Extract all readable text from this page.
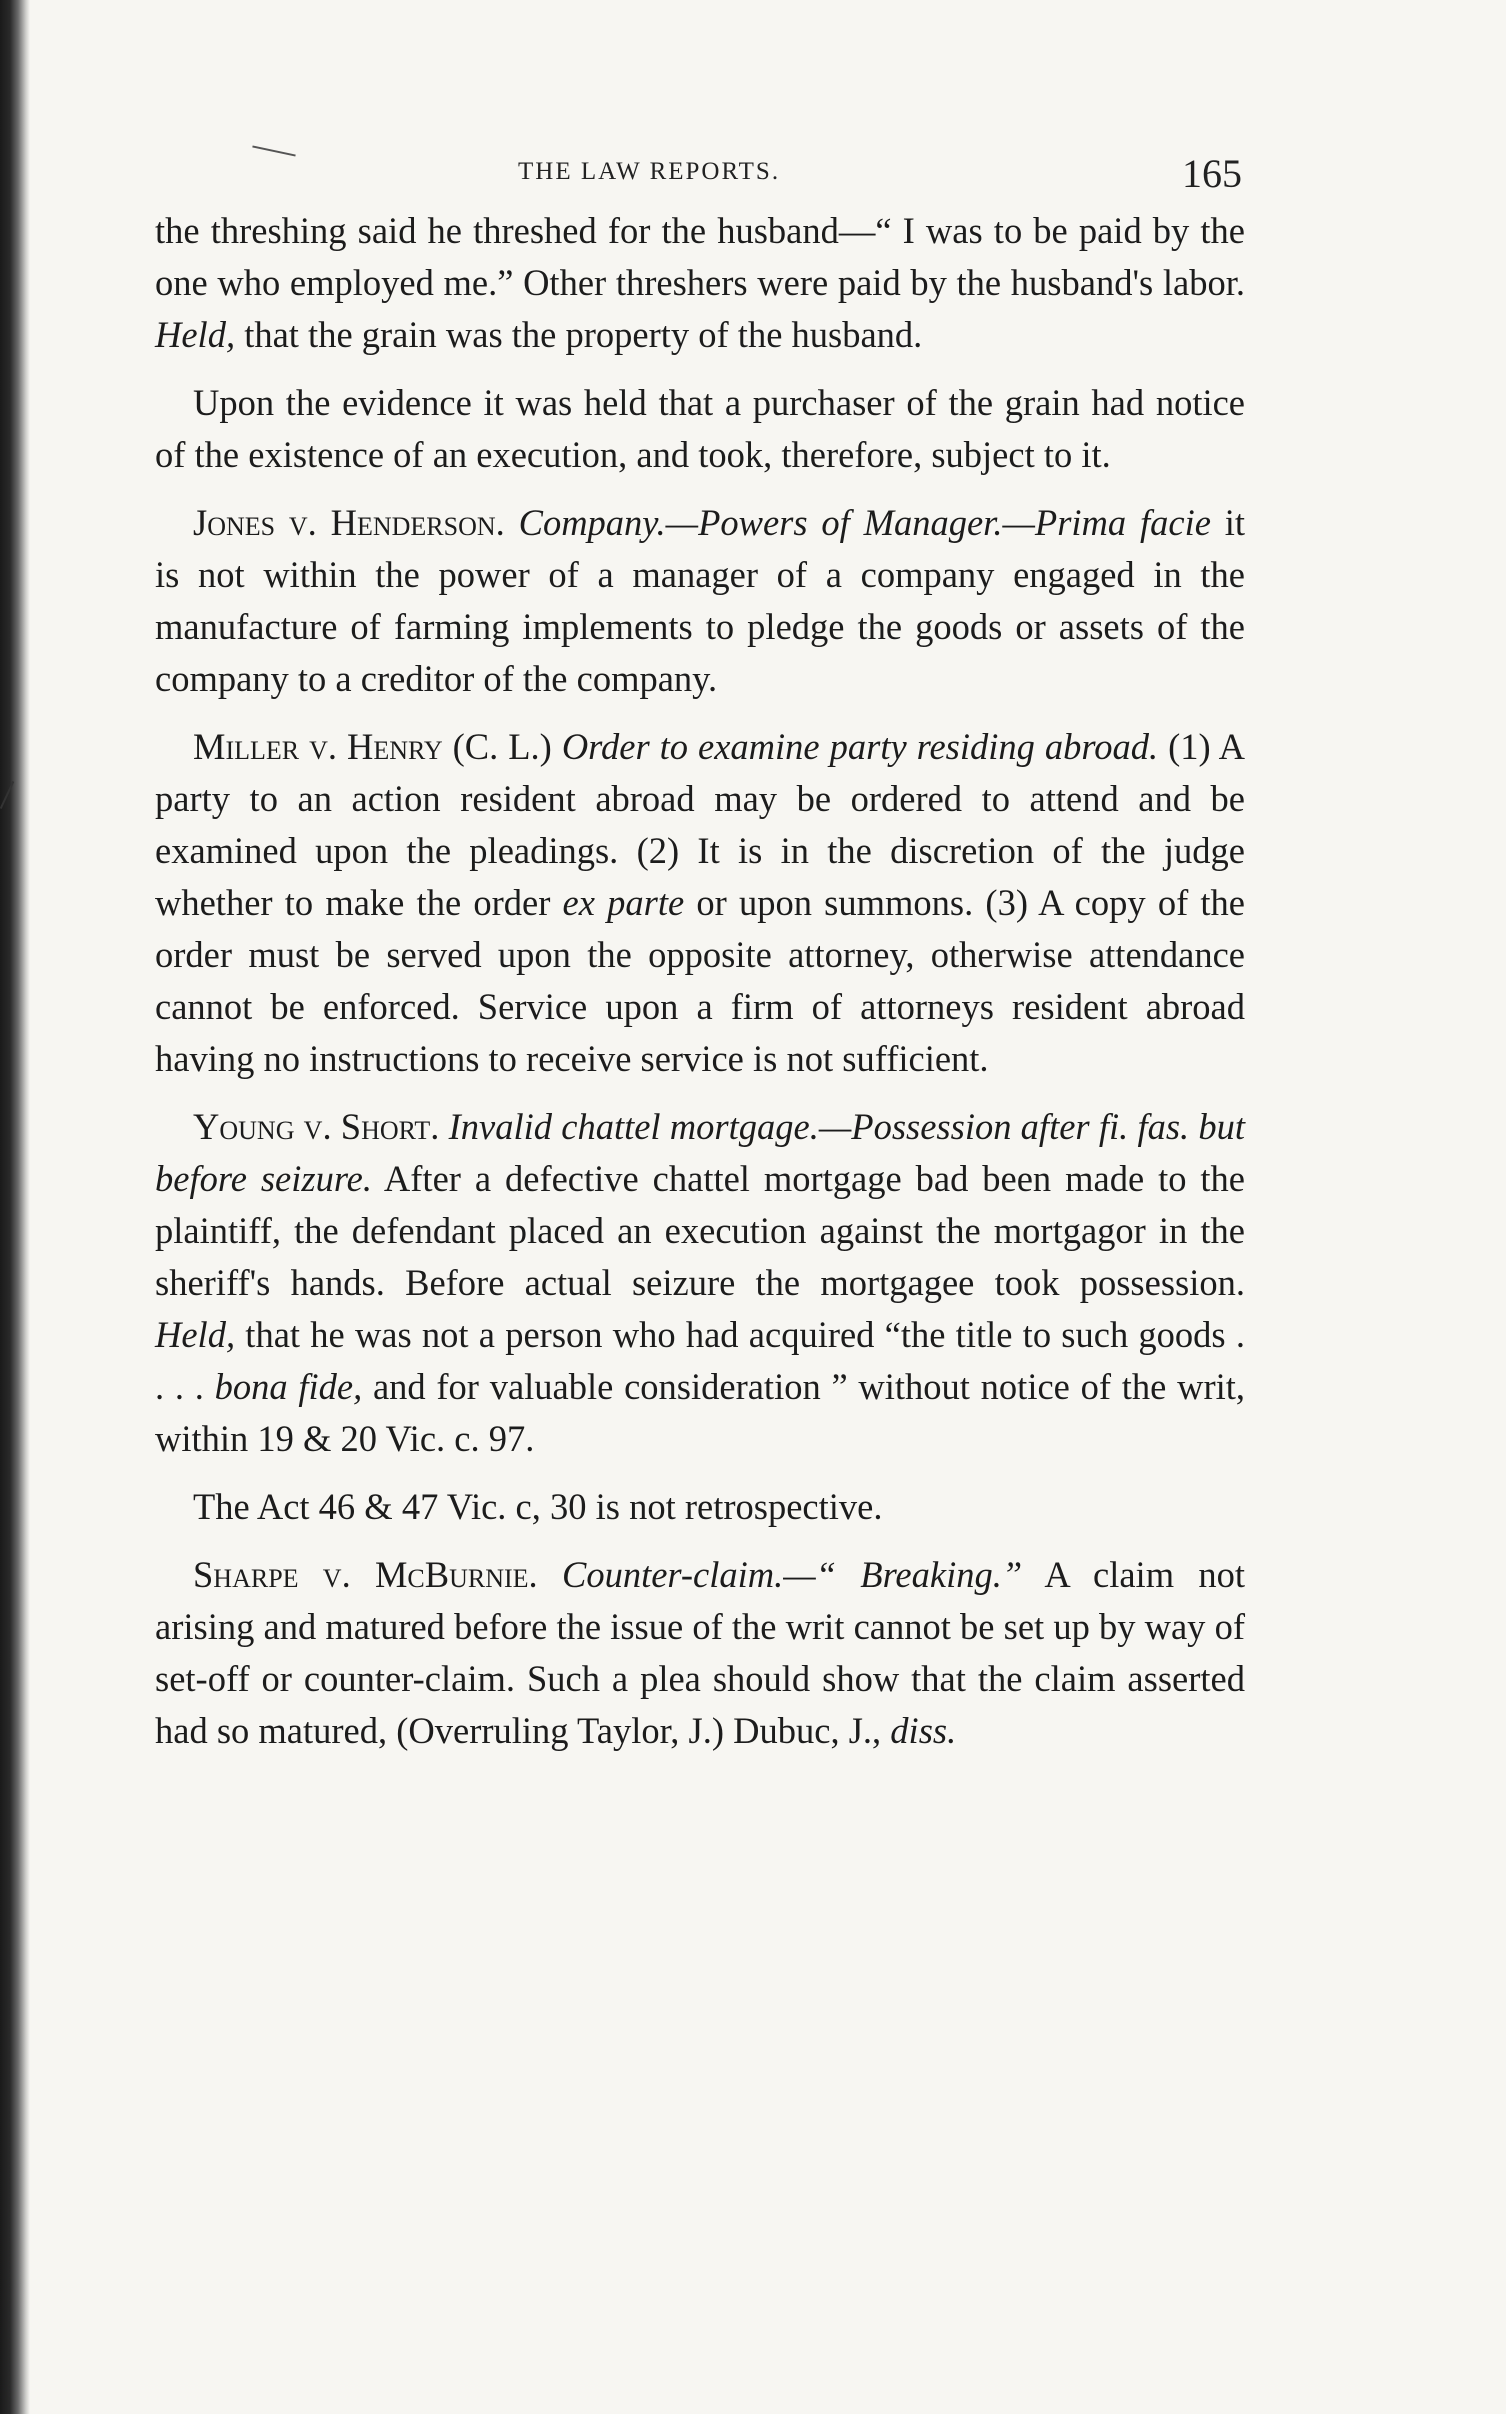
THE LAW REPORTS.	165

the threshing said he threshed for the husband—“ I was to be paid by the one who employed me.” Other threshers were paid by the husband's labor. Held, that the grain was the property of the husband.

Upon the evidence it was held that a purchaser of the grain had notice of the existence of an execution, and took, therefore, subject to it.

Jones v. Henderson. Company.—Powers of Manager.—Prima facie it is not within the power of a manager of a company engaged in the manufacture of farming implements to pledge the goods or assets of the company to a creditor of the company.

Miller v. Henry (C. L.) Order to examine party residing abroad. (1) A party to an action resident abroad may be ordered to attend and be examined upon the pleadings. (2) It is in the discretion of the judge whether to make the order ex parte or upon summons. (3) A copy of the order must be served upon the opposite attorney, otherwise attendance cannot be enforced. Service upon a firm of attorneys resident abroad having no instructions to receive service is not sufficient.

Young v. Short. Invalid chattel mortgage.—Possession after fi. fas. but before seizure. After a defective chattel mortgage bad been made to the plaintiff, the defendant placed an execution against the mortgagor in the sheriff's hands. Before actual seizure the mortgagee took possession. Held, that he was not a person who had acquired “the title to such goods . . . . bona fide, and for valuable consideration ” without notice of the writ, within 19 & 20 Vic. c. 97.

The Act 46 & 47 Vic. c, 30 is not retrospective.

Sharpe v. McBurnie. Counter-claim.—“ Breaking.” A claim not arising and matured before the issue of the writ cannot be set up by way of set-off or counter-claim. Such a plea should show that the claim asserted had so matured, (Overruling Taylor, J.) Dubuc, J., diss.
